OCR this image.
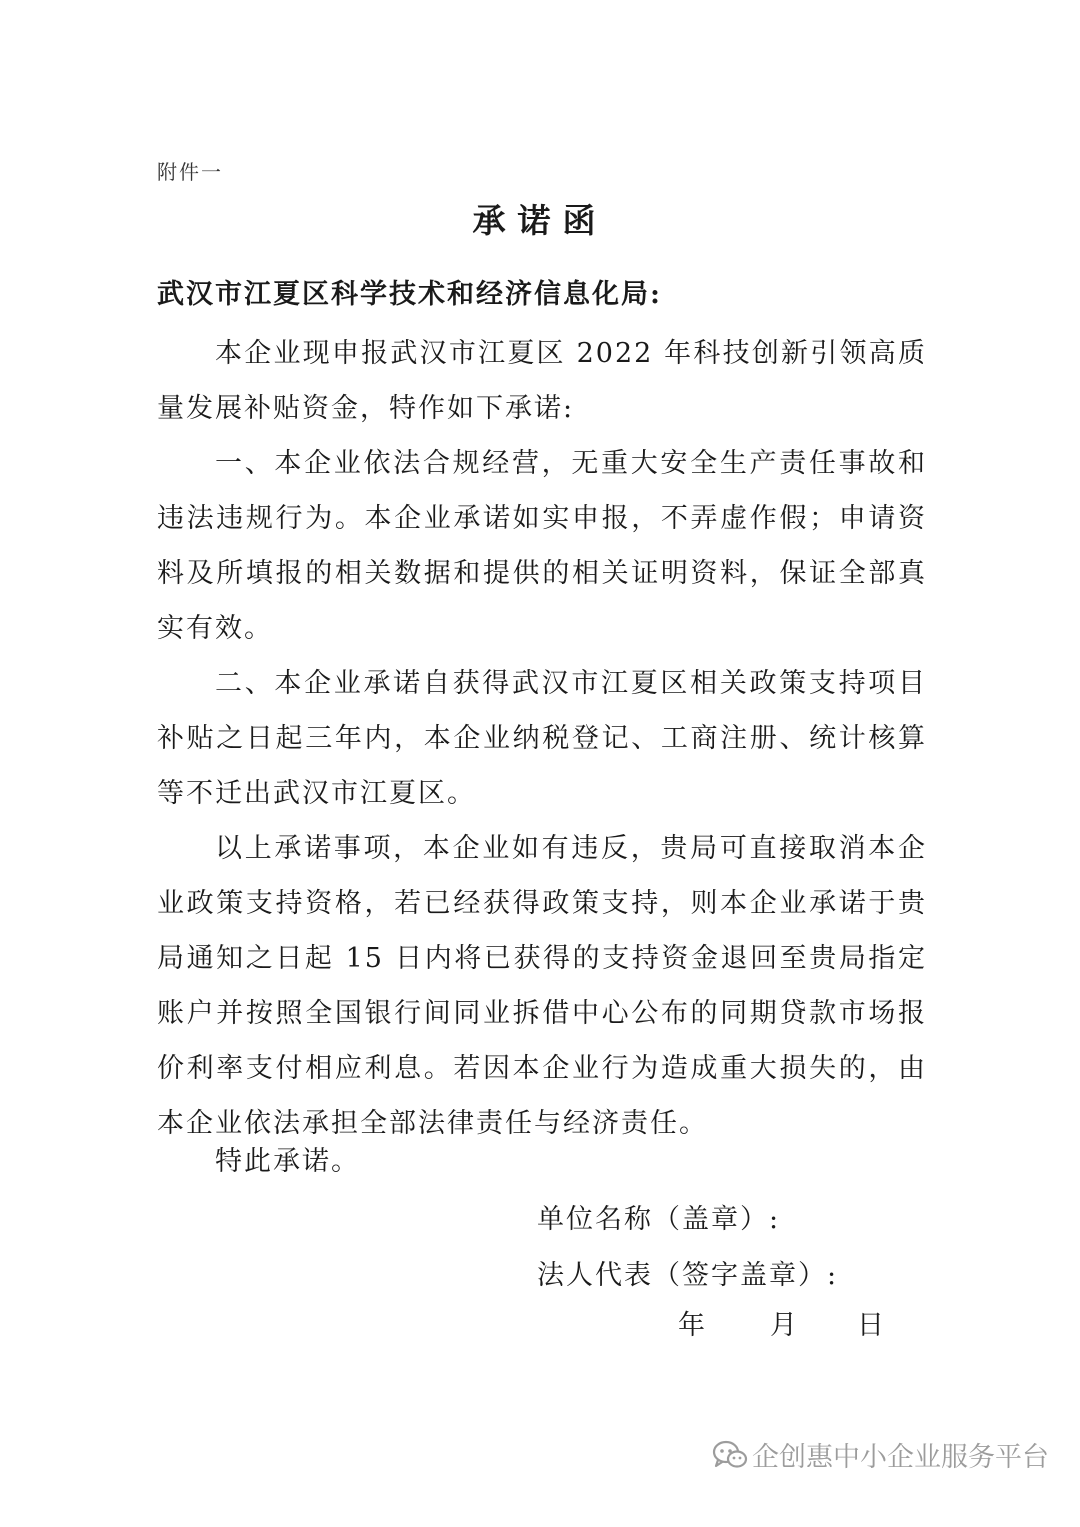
附件一
承诺函
武汉市江夏区科学技术和经济信息化局:

本企业现申报武汉市江夏区 2022 年科技创新引领高质量发展补贴资金，特作如下承诺:

一、本企业依法合规经营，无重大安全生产责任事故和违法违规行为。本企业承诺如实申报，不弄虚作假；申请资料及所填报的相关数据和提供的相关证明资料，保证全部真实有效。

二、本企业承诺自获得武汉市江夏区相关政策支持项目补贴之日起三年内，本企业纳税登记、工商注册、统计核算等不迁出武汉市江夏区。

以上承诺事项，本企业如有违反，贵局可直接取消本企业政策支持资格，若已经获得政策支持，则本企业承诺于贵局通知之日起 15 日内将已获得的支持资金退回至贵局指定账户并按照全国银行间同业拆借中心公布的同期贷款市场报价利率支付相应利息。若因本企业行为造成重大损失的，由本企业依法承担全部法律责任与经济责任。

特此承诺。
单位名称（盖章）:
法人代表（签字盖章）:
年 月 日
企创惠中小企业服务平台
